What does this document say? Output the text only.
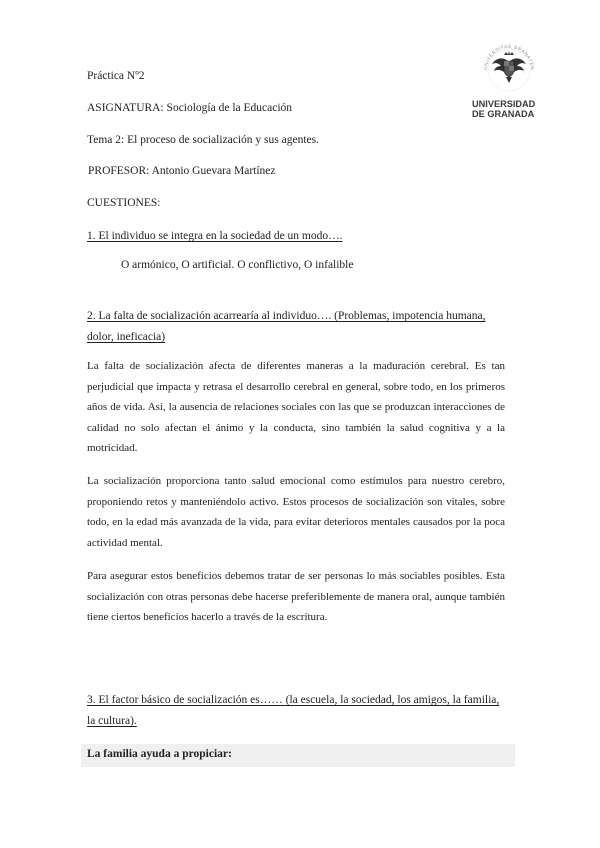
Práctica Nº2
ASIGNATURA: Sociología de la Educación
Tema 2: El proceso de socialización y sus agentes.
PROFESOR: Antonio Guevara Martínez
CUESTIONES:
UNIVERSITAS GRANATEN
UNIVERSIDAD
DE GRANADA
1. El individuo se integra en la sociedad de un modo….
O armónico, O artificial. O conflictivo, O infalible
2. La falta de socialización acarrearía al individuo…. (Problemas, impotencia humana, dolor, ineficacia)
La falta de socialización afecta de diferentes maneras a la maduración cerebral. Es tan perjudicial que impacta y retrasa el desarrollo cerebral en general, sobre todo, en los primeros años de vida. Así, la ausencia de relaciones sociales con las que se produzcan interacciones de calidad no solo afectan el ánimo y la conducta, sino también la salud cognitiva y a la motricidad.
La socialización proporciona tanto salud emocional como estímulos para nuestro cerebro, proponiendo retos y manteniéndolo activo. Estos procesos de socialización son vitales, sobre todo, en la edad más avanzada de la vida, para evitar deterioros mentales causados por la poca actividad mental.
Para asegurar estos beneficios debemos tratar de ser personas lo más sociables posibles. Esta socialización con otras personas debe hacerse preferiblemente de manera oral, aunque también tiene ciertos beneficios hacerlo a través de la escritura.
3. El factor básico de socialización es…… (la escuela, la sociedad, los amigos, la familia, la cultura).
La familia ayuda a propiciar:
